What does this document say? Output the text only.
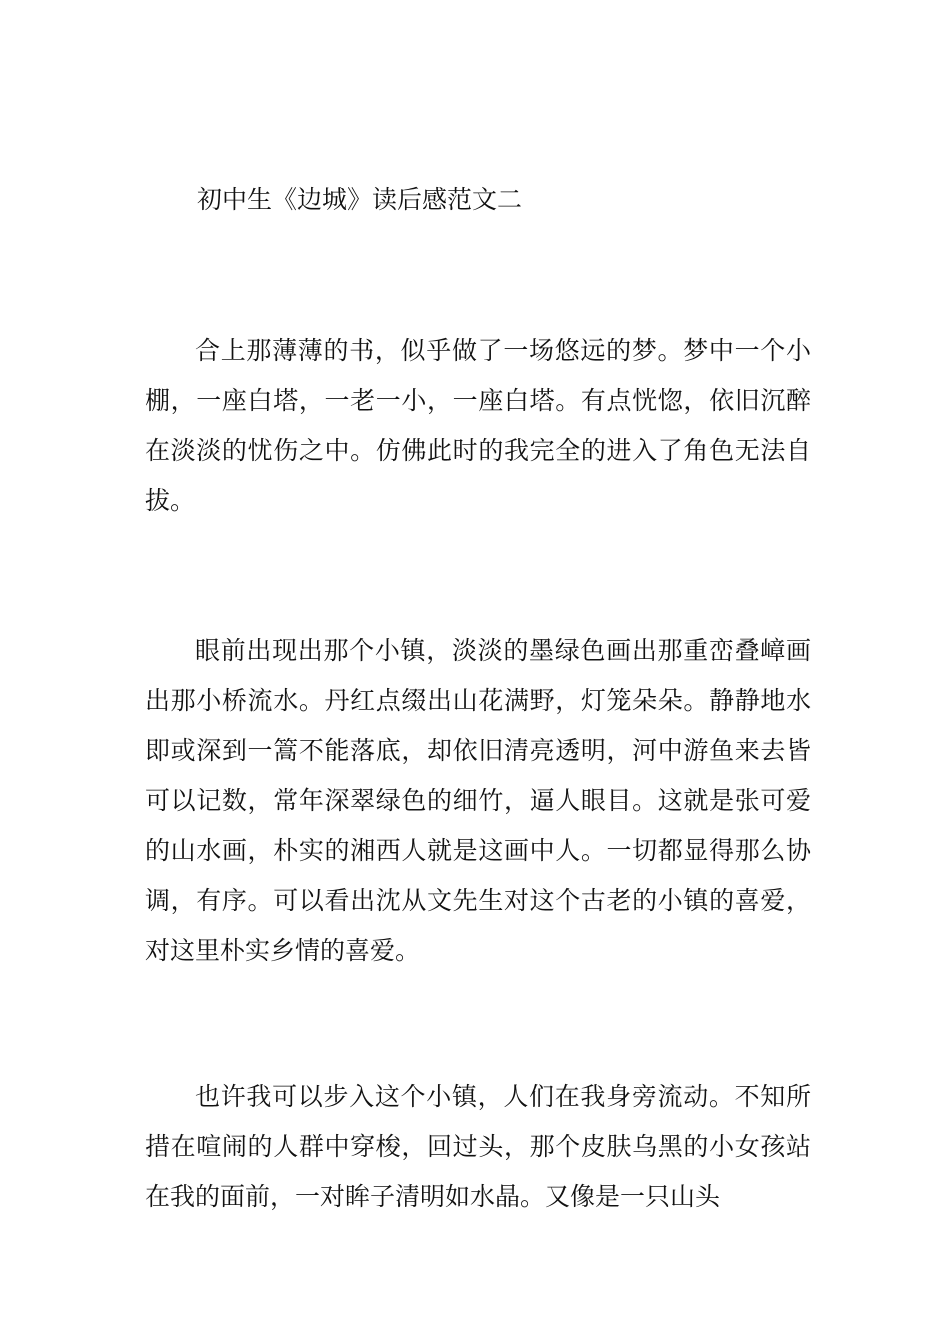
初中生《边城》读后感范文二

合上那薄薄的书，似乎做了一场悠远的梦。梦中一个小棚，一座白塔，一老一小，一座白塔。有点恍惚，依旧沉醉在淡淡的忧伤之中。仿佛此时的我完全的进入了角色无法自拔。

眼前出现出那个小镇，淡淡的墨绿色画出那重峦叠嶂画出那小桥流水。丹红点缀出山花满野，灯笼朵朵。静静地水即或深到一篙不能落底，却依旧清亮透明，河中游鱼来去皆可以记数，常年深翠绿色的细竹，逼人眼目。这就是张可爱的山水画，朴实的湘西人就是这画中人。一切都显得那么协调，有序。可以看出沈从文先生对这个古老的小镇的喜爱，对这里朴实乡情的喜爱。

也许我可以步入这个小镇，人们在我身旁流动。不知所措在喧闹的人群中穿梭，回过头，那个皮肤乌黑的小女孩站在我的面前，一对眸子清明如水晶。又像是一只山头
